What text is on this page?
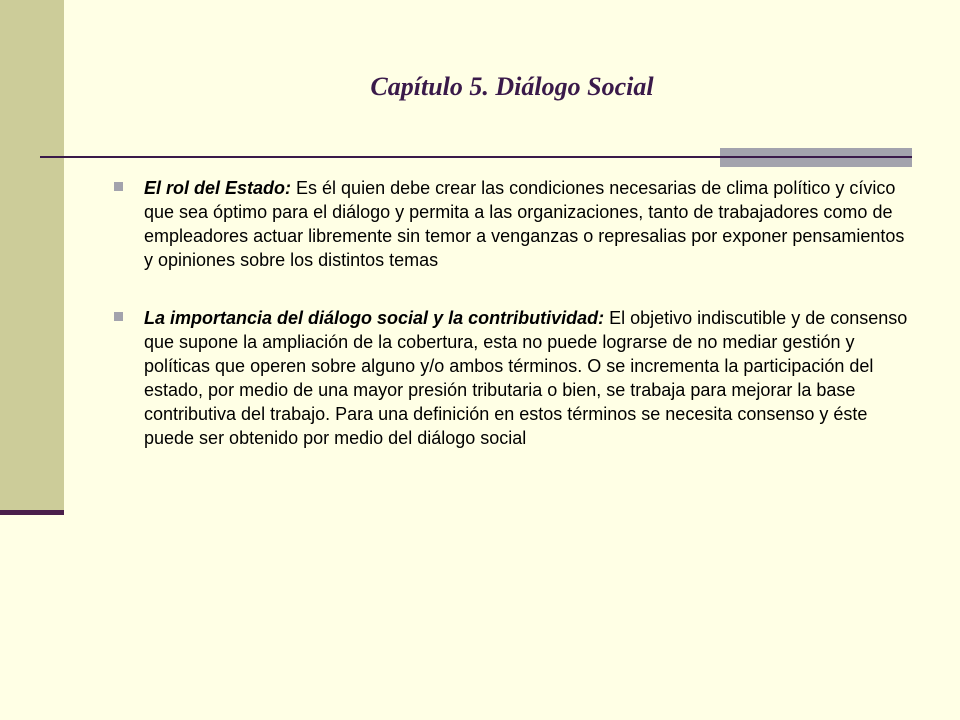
Capítulo 5. Diálogo Social
El rol del Estado: Es él quien debe crear las condiciones necesarias de clima político y cívico que sea óptimo para el diálogo y permita a las organizaciones, tanto de trabajadores como de empleadores actuar libremente sin temor a venganzas o represalias por exponer pensamientos y opiniones sobre los distintos temas
La importancia del diálogo social y la contributividad: El objetivo indiscutible y de consenso que supone la ampliación de la cobertura, esta no puede lograrse de no mediar gestión y políticas que operen sobre alguno y/o ambos términos. O se incrementa la participación del estado, por medio de una mayor presión tributaria o bien, se trabaja para mejorar la base contributiva del trabajo. Para una definición en estos términos se necesita consenso y éste puede ser obtenido por medio del diálogo social
